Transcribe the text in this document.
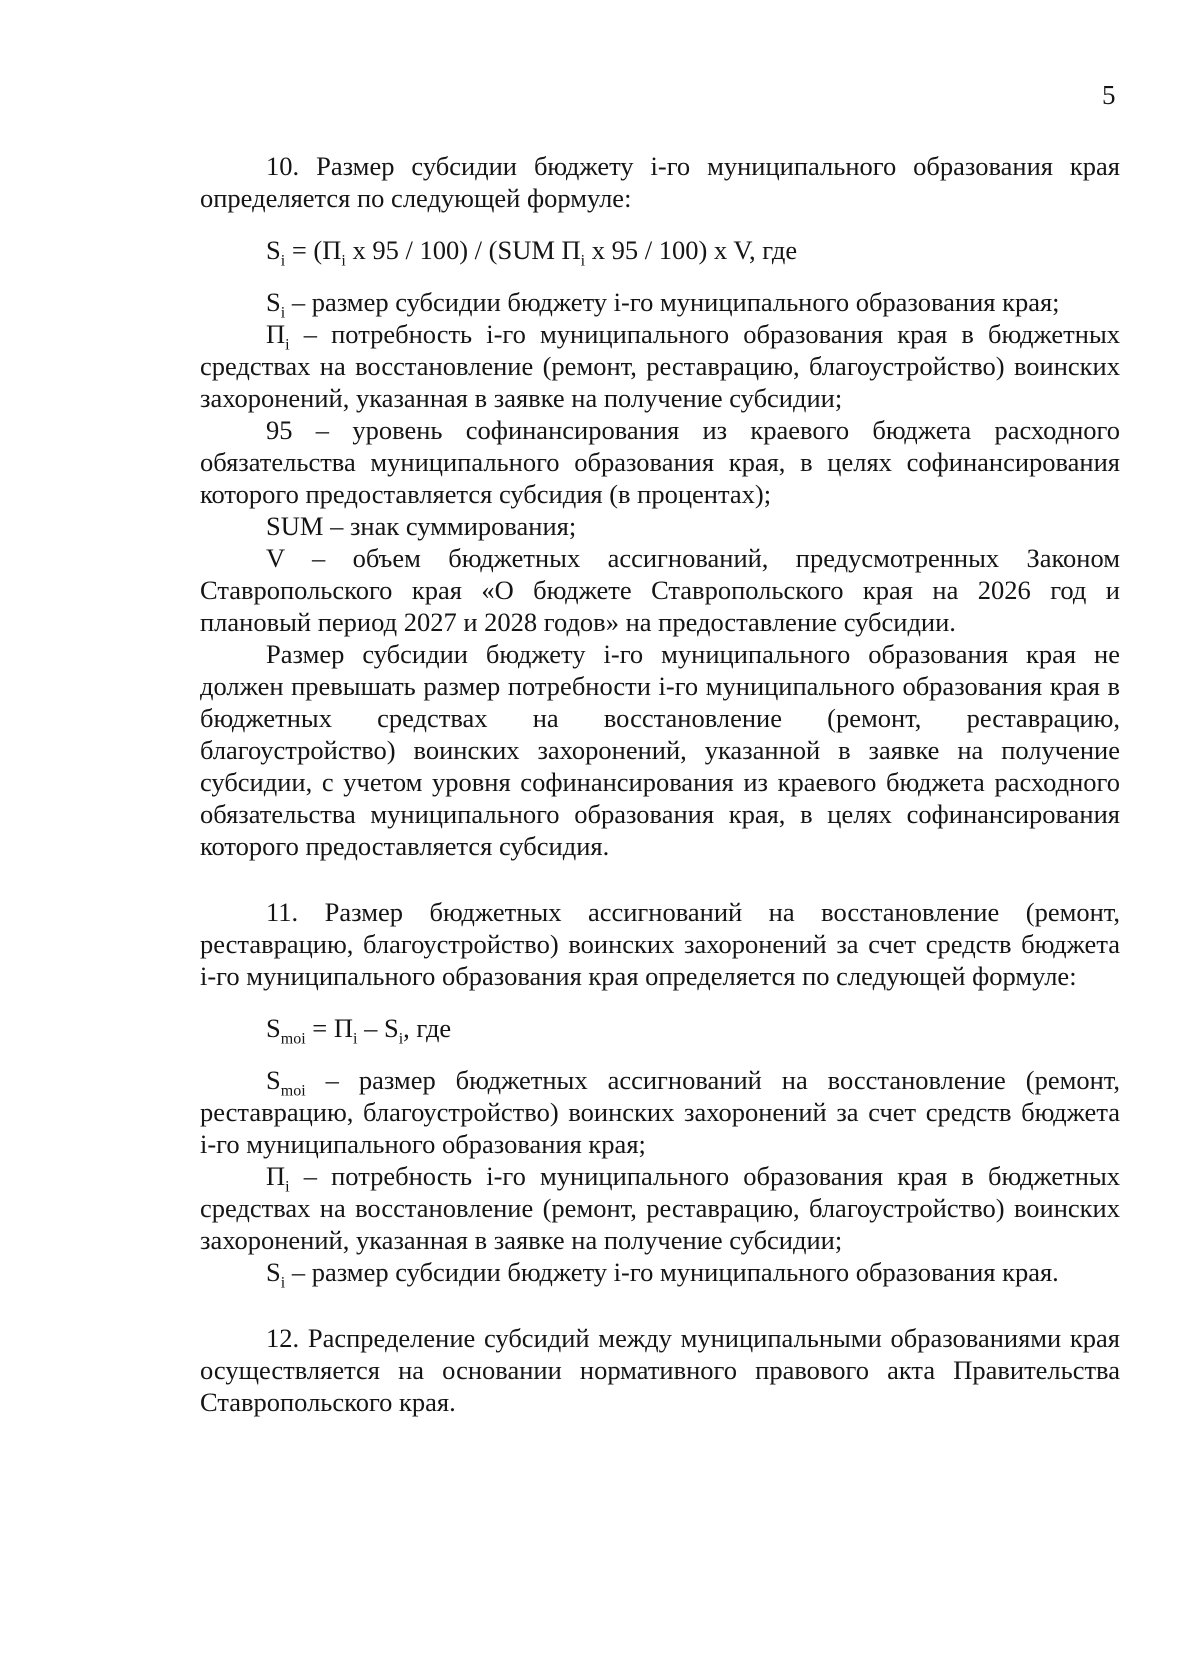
5

10. Размер субсидии бюджету i-го муниципального образования края определяется по следующей формуле:

$S_i = (П_i$ x 95 / 100) / (SUM $П_i$ x 95 / 100) x V, где

$S_i$ – размер субсидии бюджету i-го муниципального образования края;

$П_i$ – потребность i-го муниципального образования края в бюджетных средствах на восстановление (ремонт, реставрацию, благоустройство) воинских захоронений, указанная в заявке на получение субсидии;

95 – уровень софинансирования из краевого бюджета расходного обязательства муниципального образования края, в целях софинансирования которого предоставляется субсидия (в процентах);

SUM – знак суммирования;

V – объем бюджетных ассигнований, предусмотренных Законом Ставропольского края «О бюджете Ставропольского края на 2026 год и плановый период 2027 и 2028 годов» на предоставление субсидии.

Размер субсидии бюджету i-го муниципального образования края не должен превышать размер потребности i-го муниципального образования края в бюджетных средствах на восстановление (ремонт, реставрацию, благоустройство) воинских захоронений, указанной в заявке на получение субсидии, с учетом уровня софинансирования из краевого бюджета расходного обязательства муниципального образования края, в целях софинансирования которого предоставляется субсидия.

11. Размер бюджетных ассигнований на восстановление (ремонт, реставрацию, благоустройство) воинских захоронений за счет средств бюджета i-го муниципального образования края определяется по следующей формуле:

$S_{moi} = П_i - S_i$, где

$S_{moi}$ – размер бюджетных ассигнований на восстановление (ремонт, реставрацию, благоустройство) воинских захоронений за счет средств бюджета i-го муниципального образования края;

$П_i$ – потребность i-го муниципального образования края в бюджетных средствах на восстановление (ремонт, реставрацию, благоустройство) воинских захоронений, указанная в заявке на получение субсидии;

$S_i$ – размер субсидии бюджету i-го муниципального образования края.

12. Распределение субсидий между муниципальными образованиями края осуществляется на основании нормативного правового акта Правительства Ставропольского края.
